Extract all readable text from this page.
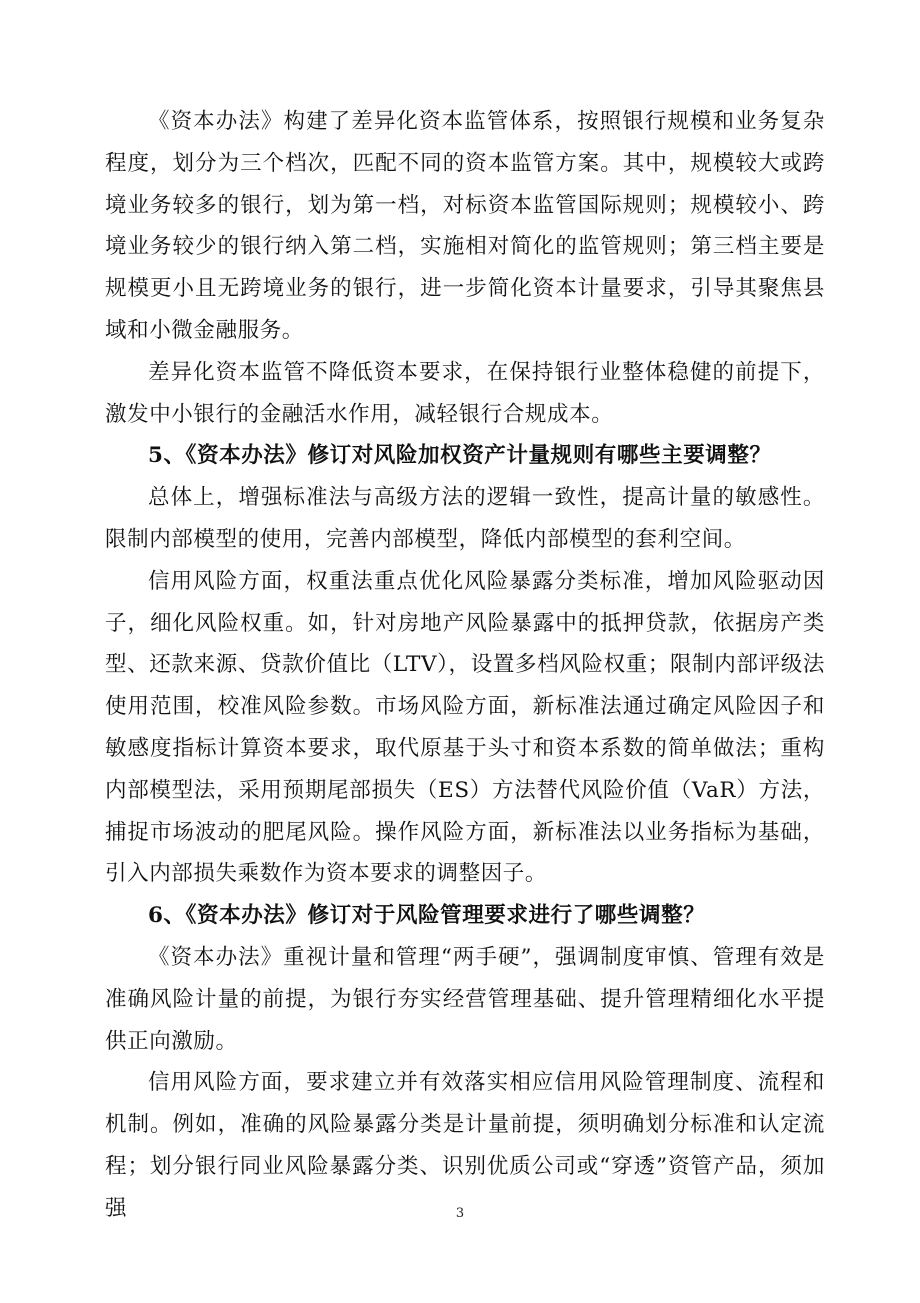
《资本办法》构建了差异化资本监管体系，按照银行规模和业务复杂程度，划分为三个档次，匹配不同的资本监管方案。其中，规模较大或跨境业务较多的银行，划为第一档，对标资本监管国际规则；规模较小、跨境业务较少的银行纳入第二档，实施相对简化的监管规则；第三档主要是规模更小且无跨境业务的银行，进一步简化资本计量要求，引导其聚焦县域和小微金融服务。

差异化资本监管不降低资本要求，在保持银行业整体稳健的前提下，激发中小银行的金融活水作用，减轻银行合规成本。

5、《资本办法》修订对风险加权资产计量规则有哪些主要调整？

总体上，增强标准法与高级方法的逻辑一致性，提高计量的敏感性。限制内部模型的使用，完善内部模型，降低内部模型的套利空间。

信用风险方面，权重法重点优化风险暴露分类标准，增加风险驱动因子，细化风险权重。如，针对房地产风险暴露中的抵押贷款，依据房产类型、还款来源、贷款价值比（LTV），设置多档风险权重；限制内部评级法使用范围，校准风险参数。市场风险方面，新标准法通过确定风险因子和敏感度指标计算资本要求，取代原基于头寸和资本系数的简单做法；重构内部模型法，采用预期尾部损失（ES）方法替代风险价值（VaR）方法，捕捉市场波动的肥尾风险。操作风险方面，新标准法以业务指标为基础，引入内部损失乘数作为资本要求的调整因子。

6、《资本办法》修订对于风险管理要求进行了哪些调整？

《资本办法》重视计量和管理“两手硬”，强调制度审慎、管理有效是准确风险计量的前提，为银行夯实经营管理基础、提升管理精细化水平提供正向激励。

信用风险方面，要求建立并有效落实相应信用风险管理制度、流程和机制。例如，准确的风险暴露分类是计量前提，须明确划分标准和认定流程；划分银行同业风险暴露分类、识别优质公司或“穿透”资管产品，须加强	3
